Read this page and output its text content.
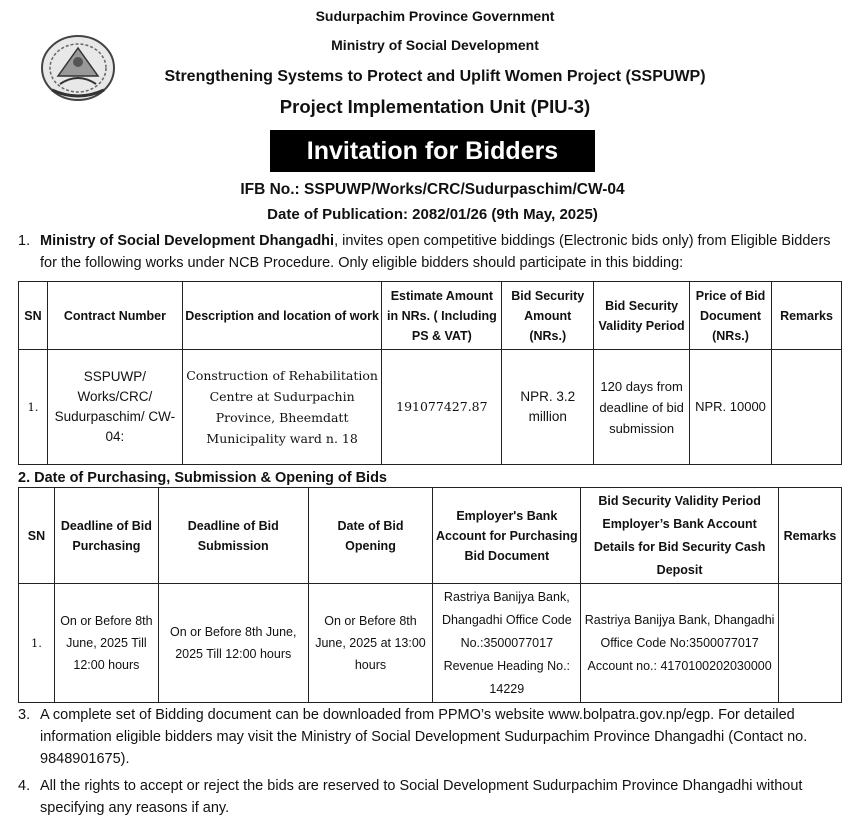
Sudurpachim Province Government
Ministry of Social Development
Strengthening Systems to Protect and Uplift Women Project (SSPUWP)
Project Implementation Unit (PIU-3)
Invitation for Bidders
IFB No.: SSPUWP/Works/CRC/Sudurpaschim/CW-04
Date of Publication: 2082/01/26 (9th May, 2025)
1. Ministry of Social Development Dhangadhi, invites open competitive biddings (Electronic bids only) from Eligible Bidders for the following works under NCB Procedure. Only eligible bidders should participate in this bidding:
SN	Contract Number	Description and location of work	Estimate Amount in NRs. ( Including PS & VAT)	Bid Security Amount (NRs.)	Bid Security Validity Period	Price of Bid Document (NRs.)	Remarks
1.	SSPUWP/ Works/CRC/ Sudurpaschim/ CW-04:	Construction of Rehabilitation Centre at Sudurpachin Province, Bheemdatt Municipality ward n. 18	191077427.87	NPR. 3.2 million	120 days from deadline of bid submission	NPR. 10000	
2. Date of Purchasing, Submission & Opening of Bids
SN	Deadline of Bid Purchasing	Deadline of Bid Submission	Date of Bid Opening	Employer's Bank Account for Purchasing Bid Document	Bid Security Validity Period Employer’s Bank Account Details for Bid Security Cash Deposit	Remarks
1.	On or Before 8th June, 2025 Till 12:00 hours	On or Before 8th June, 2025 Till 12:00 hours	On or Before 8th June, 2025 at 13:00 hours	Rastriya Banijya Bank, Dhangadhi Office Code No.:3500077017 Revenue Heading No.: 14229	Rastriya Banijya Bank, Dhangadhi Office Code No:3500077017 Account no.: 4170100202030000	
3. A complete set of Bidding document can be downloaded from PPMO’s website www.bolpatra.gov.np/egp. For detailed information eligible bidders may visit the Ministry of Social Development Sudurpachim Province Dhangadhi (Contact no. 9848901675).
4. All the rights to accept or reject the bids are reserved to Social Development Sudurpachim Province Dhangadhi without specifying any reasons if any.
